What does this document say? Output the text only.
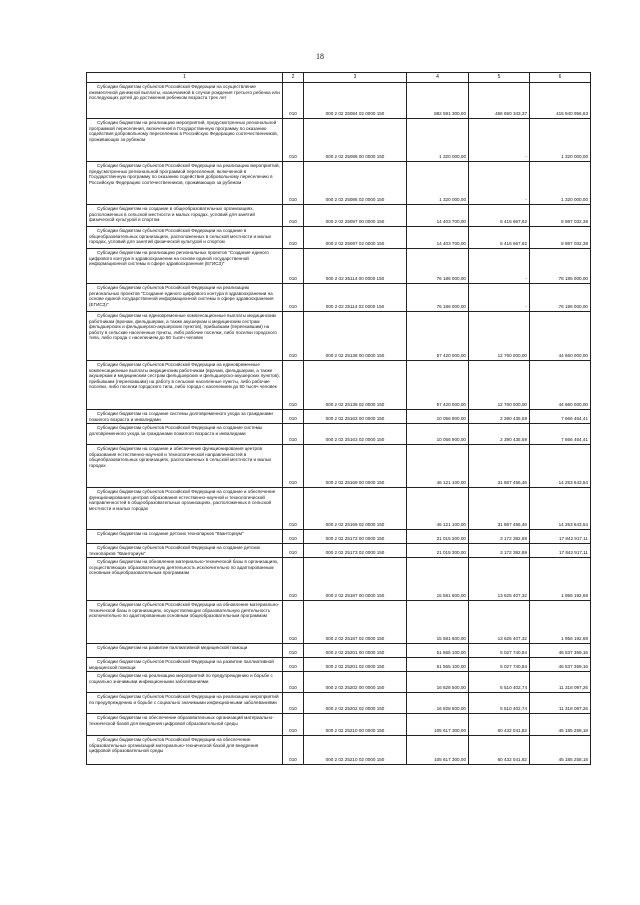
18
1	2	3	4	5	6
Субсидии бюджетам субъектов Российской Федерации на осуществление ежемесячной денежной выплаты, назначаемой в случае рождения третьего ребенка или последующих детей до достижения ребенком возраста трех лет	010	000 2 02 25084 02 0000 150	882 591 300,00	466 650 343,37	415 940 956,63
Субсидии бюджетам на реализацию мероприятий, предусмотренных региональной программой переселения, включенной в Государственную программу по оказанию содействия добровольному переселению в Российскую Федерацию соотечественников, проживающих за рубежом	010	000 2 02 25086 00 0000 150	1 320 000,00	-	1 320 000,00
Субсидии бюджетам субъектов Российской Федерации на реализацию мероприятий, предусмотренных региональной программой переселения, включенной в Государственную программу по оказанию содействия добровольному переселению в Российскую Федерацию соотечественников, проживающих за рубежом	010	000 2 02 25086 02 0000 150	1 320 000,00	-	1 320 000,00
Субсидии бюджетам на создание в общеобразовательных организациях, расположенных в сельской местности и малых городах, условий для занятий физической культурой и спортом	010	000 2 02 25097 00 0000 150	14 403 700,00	5 416 667,62	8 987 032,38
Субсидии бюджетам субъектов Российской Федерации на создание в общеобразовательных организациях, расположенных в сельской местности и малых городах, условий для занятий физической культурой и спортом	010	000 2 02 25097 02 0000 150	14 403 700,00	5 416 667,62	8 987 032,38
Субсидии бюджетам на реализацию региональных проектов "Создание единого цифрового контура в здравоохранении на основе единой государственной информационной системы в сфере здравоохранения (ЕГИСЗ)"	010	000 2 02 25114 00 0000 150	76 186 000,00	-	76 186 000,00
Субсидии бюджетам субъектов Российской Федерации на реализацию региональных проектов "Создание единого цифрового контура в здравоохранении на основе единой государственной информационной системы в сфере здравоохранения (ЕГИСЗ)"	010	000 2 02 25114 02 0000 150	76 186 000,00	-	76 186 000,00
Субсидии бюджетам на единовременные компенсационные выплаты медицинским работникам (врачам, фельдшерам, а также акушеркам и медицинским сестрам фельдшерских и фельдшерско-акушерских пунктов), прибывшим (переехавшим) на работу в сельские населенные пункты, либо рабочие поселки, либо поселки городского типа, либо города с населением до 50 тысяч человек	010	000 2 02 25138 00 0000 150	57 420 000,00	12 760 000,00	44 660 000,00
Субсидии бюджетам субъектов Российской Федерации на единовременные компенсационные выплаты медицинским работникам (врачам, фельдшерам, а также акушеркам и медицинским сестрам фельдшерских и фельдшерско-акушерских пунктов), прибывшим (переехавшим) на работу в сельские населенные пункты, либо рабочие поселки, либо поселки городского типа, либо города с населением до 50 тысяч человек	010	000 2 02 25138 02 0000 150	57 420 000,00	12 760 000,00	44 660 000,00
Субсидии бюджетам на создание системы долговременного ухода за гражданами пожилого возраста и инвалидами	010	000 2 02 25163 00 0000 150	10 056 900,00	2 390 435,59	7 666 464,41
Субсидии бюджетам субъектов Российской Федерации на создание системы долговременного ухода за гражданами пожилого возраста и инвалидами	010	000 2 02 25163 02 0000 150	10 056 900,00	2 390 435,59	7 666 464,41
Субсидии бюджетам на создание и обеспечение функционирования центров образования естественно-научной и технологической направленностей в общеобразовательных организациях, расположенных в сельской местности и малых городах	010	000 2 02 25169 00 0000 150	46 121 100,00	31 867 456,46	14 253 643,54
Субсидии бюджетам субъектов Российской Федерации на создание и обеспечение функционирования центров образования естественно-научной и технологической направленностей в общеобразовательных организациях, расположенных в сельской местности и малых городах	010	000 2 02 25169 02 0000 150	46 121 100,00	31 867 456,46	14 253 643,54
Субсидии бюджетам на создание детских технопарков "Кванториум"	010	000 2 02 25173 00 0000 150	21 015 300,00	3 172 382,89	17 842 917,11
Субсидии бюджетам субъектов Российской Федерации на создание детских технопарков "Кванториум"	010	000 2 02 25173 02 0000 150	21 015 300,00	3 172 382,89	17 842 917,11
Субсидии бюджетам на обновление материально-технической базы в организациях, осуществляющих образовательную деятельность исключительно по адаптированным основным общеобразовательным программам	010	000 2 02 25187 00 0000 150	15 581 600,00	13 625 407,32	1 956 192,68
Субсидии бюджетам субъектов Российской Федерации на обновление материально-технической базы в организациях, осуществляющих образовательную деятельность исключительно по адаптированным основным общеобразовательным программам	010	000 2 02 25187 02 0000 150	15 581 600,00	13 625 407,32	1 956 192,68
Субсидии бюджетам на развитие паллиативной медицинской помощи	010	000 2 02 25201 00 0000 150	51 565 100,00	5 027 740,84	46 537 359,16
Субсидии бюджетам субъектов Российской Федерации на развитие паллиативной медицинской помощи	010	000 2 02 25201 02 0000 150	51 565 100,00	5 027 740,84	46 537 359,16
Субсидии бюджетам на реализацию мероприятий по предупреждению и борьбе с социально значимыми инфекционными заболеваниями	010	000 2 02 25202 00 0000 150	16 828 500,00	5 510 402,74	11 318 097,26
Субсидии бюджетам субъектов Российской Федерации на реализацию мероприятий по предупреждению и борьбе с социально значимыми инфекционными заболеваниями	010	000 2 02 25202 02 0000 150	16 828 500,00	5 510 402,74	11 318 097,26
Субсидии бюджетам на обеспечение образовательных организаций материально-технической базой для внедрения цифровой образовательной среды	010	000 2 02 25210 00 0000 150	105 617 300,00	60 432 041,82	45 185 258,18
Субсидии бюджетам субъектов Российской Федерации на обеспечение образовательных организаций материально-технической базой для внедрения цифровой образовательной среды	010	000 2 02 25210 02 0000 150	105 617 300,00	60 432 041,82	45 185 258,18
